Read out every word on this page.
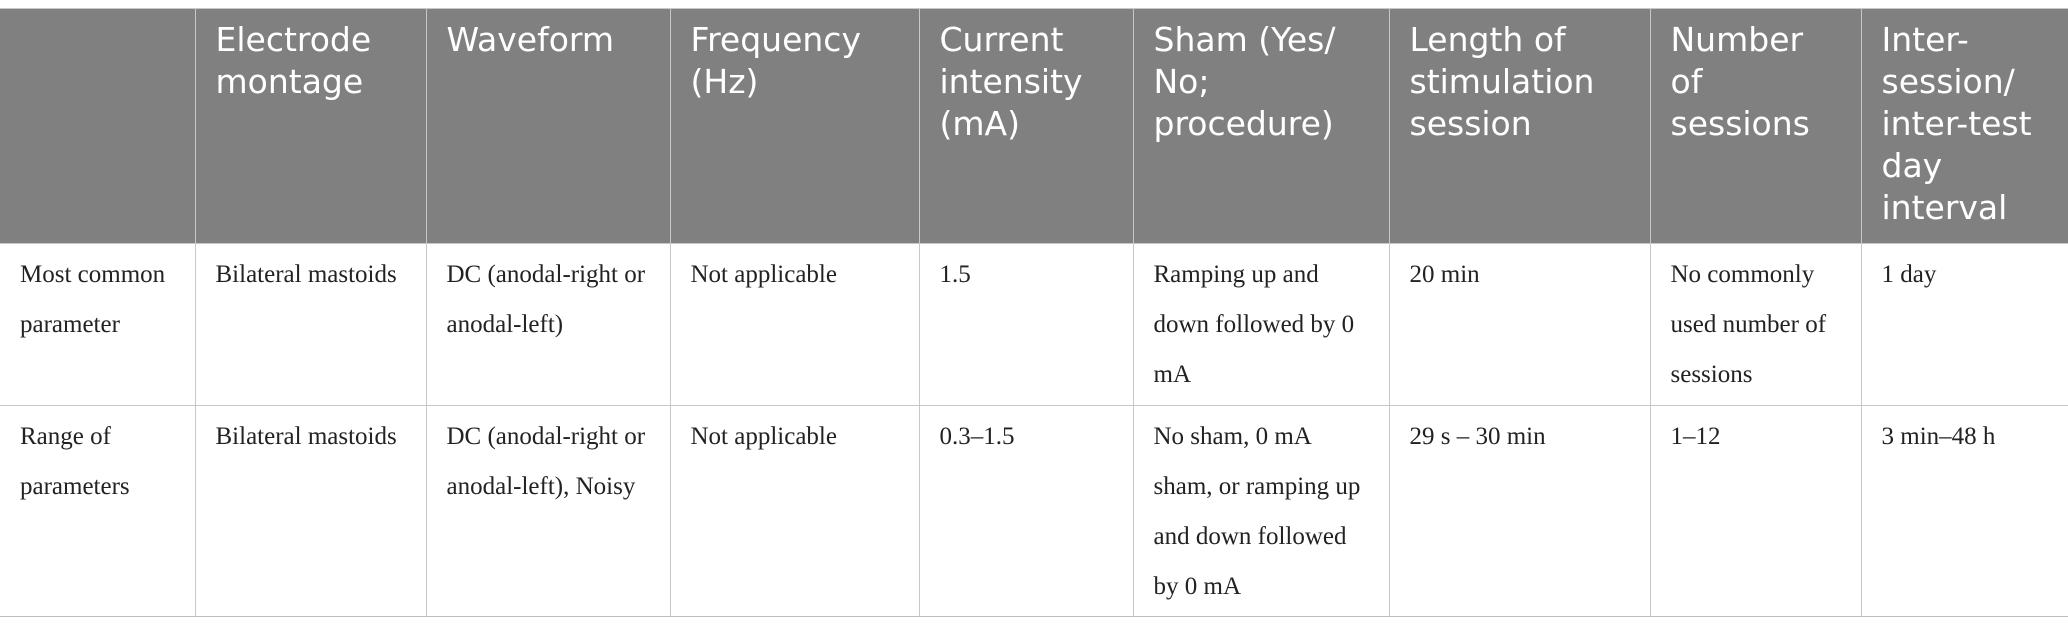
	Electrode montage	Waveform	Frequency (Hz)	Current intensity (mA)	Sham (Yes/ No; procedure)	Length of stimulation session	Number of sessions	Inter-session/ inter-test day interval
Most common parameter	Bilateral mastoids	DC (anodal-right or anodal-left)	Not applicable	1.5	Ramping up and down followed by 0 mA	20 min	No commonly used number of sessions	1 day
Range of parameters	Bilateral mastoids	DC (anodal-right or anodal-left), Noisy	Not applicable	0.3–1.5	No sham, 0 mA sham, or ramping up and down followed by 0 mA	29 s – 30 min	1–12	3 min–48 h
